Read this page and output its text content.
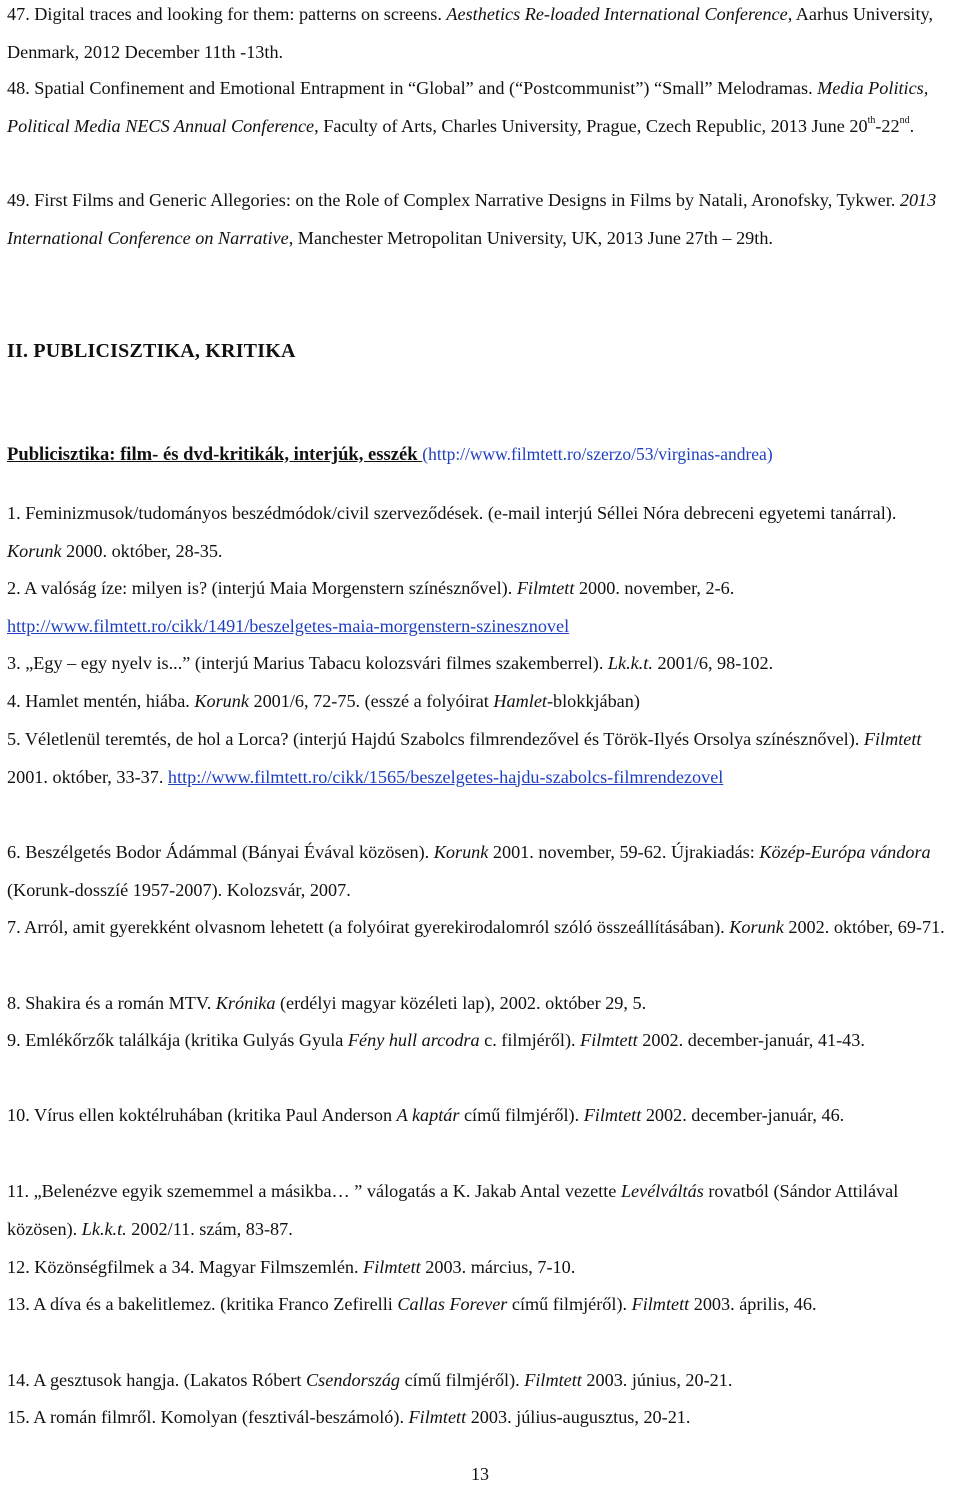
47. Digital traces and looking for them: patterns on screens. Aesthetics Re-loaded International Conference, Aarhus University, Denmark, 2012 December 11th -13th.

48. Spatial Confinement and Emotional Entrapment in “Global” and (“Postcommunist”) “Small” Melodramas. Media Politics, Political Media NECS Annual Conference, Faculty of Arts, Charles University, Prague, Czech Republic, 2013 June 20th-22nd.

49. First Films and Generic Allegories: on the Role of Complex Narrative Designs in Films by Natali, Aronofsky, Tykwer. 2013 International Conference on Narrative, Manchester Metropolitan University, UK, 2013 June 27th – 29th.

II. PUBLICISZTIKA, KRITIKA

Publicisztika: film- és dvd-kritikák, interjúk, esszék (http://www.filmtett.ro/szerzo/53/virginas-andrea)

1. Feminizmusok/tudományos beszédmódok/civil szerveződések. (e-mail interjú Séllei Nóra debreceni egyetemi tanárral). Korunk 2000. október, 28-35.

2. A valóság íze: milyen is? (interjú Maia Morgenstern színésznővel). Filmtett 2000. november, 2-6.
http://www.filmtett.ro/cikk/1491/beszelgetes-maia-morgenstern-szinesznovel

3. „Egy – egy nyelv is...” (interjú Marius Tabacu kolozsvári filmes szakemberrel). Lk.k.t. 2001/6, 98-102.

4. Hamlet mentén, hiába. Korunk 2001/6, 72-75. (esszé a folyóirat Hamlet-blokkjában)

5. Véletlenül teremtés, de hol a Lorca? (interjú Hajdú Szabolcs filmrendezővel és Török-Ilyés Orsolya színésznővel). Filmtett 2001. október, 33-37. http://www.filmtett.ro/cikk/1565/beszelgetes-hajdu-szabolcs-filmrendezovel

6. Beszélgetés Bodor Ádámmal (Bányai Évával közösen). Korunk 2001. november, 59-62. Újrakiadás: Közép-Európa vándora (Korunk-dosszíé 1957-2007). Kolozsvár, 2007.

7. Arról, amit gyerekként olvasnom lehetett (a folyóirat gyerekirodalomról szóló összeállításában). Korunk 2002. október, 69-71.

8. Shakira és a román MTV. Krónika (erdélyi magyar közéleti lap), 2002. október 29, 5.

9. Emlékőrzők találkája (kritika Gulyás Gyula Fény hull arcodra c. filmjéről). Filmtett 2002. december-január, 41-43.

10. Vírus ellen koktélruhában (kritika Paul Anderson A kaptár című filmjéről). Filmtett 2002. december-január, 46.

11. „Belenézve egyik szememmel a másikba… ” válogatás a K. Jakab Antal vezette Levélváltás rovatból (Sándor Attilával közösen). Lk.k.t. 2002/11. szám, 83-87.

12. Közönségfilmek a 34. Magyar Filmszemlén. Filmtett 2003. március, 7-10.

13. A díva és a bakelitlemez. (kritika Franco Zefirelli Callas Forever című filmjéről). Filmtett 2003. április, 46.

14. A gesztusok hangja. (Lakatos Róbert Csendország című filmjéről). Filmtett 2003. június, 20-21.

15. A román filmről. Komolyan (fesztivál-beszámoló). Filmtett 2003. július-augusztus, 20-21.

13
